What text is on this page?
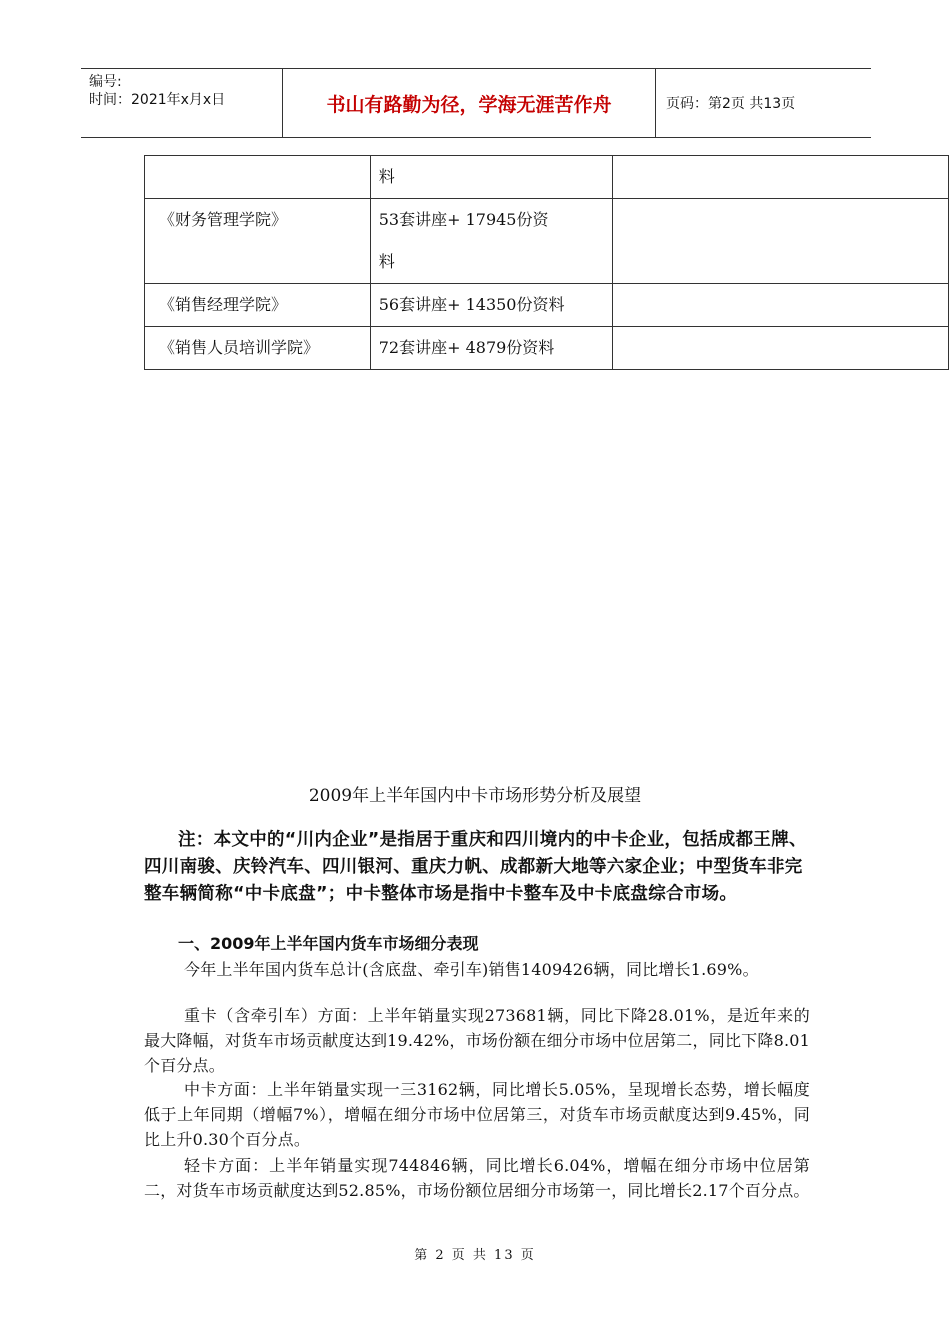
编号:
时间：2021年x月x日	书山有路勤为径，学海无涯苦作舟	页码：第2页 共13页
	料	
《财务管理学院》	53套讲座+ 17945份资
料	

《销售经理学院》	56套讲座+ 14350份资料	
《销售人员培训学院》	72套讲座+ 4879份资料	
2009年上半年国内中卡市场形势分析及展望
注：本文中的“川内企业”是指居于重庆和四川境内的中卡企业，包括成都王牌、四川南骏、庆铃汽车、四川银河、重庆力帆、成都新大地等六家企业；中型货车非完整车辆简称“中卡底盘”；中卡整体市场是指中卡整车及中卡底盘综合市场。
一、2009年上半年国内货车市场细分表现
今年上半年国内货车总计(含底盘、牵引车)销售1409426辆，同比增长1.69%。
重卡（含牵引车）方面：上半年销量实现273681辆，同比下降28.01%，是近年来的最大降幅，对货车市场贡献度达到19.42%，市场份额在细分市场中位居第二，同比下降8.01个百分点。
中卡方面：上半年销量实现一三3162辆，同比增长5.05%，呈现增长态势，增长幅度低于上年同期（增幅7%），增幅在细分市场中位居第三，对货车市场贡献度达到9.45%，同比上升0.30个百分点。
轻卡方面：上半年销量实现744846辆，同比增长6.04%，增幅在细分市场中位居第二，对货车市场贡献度达到52.85%，市场份额位居细分市场第一，同比增长2.17个百分点。
第 2 页 共 13 页
